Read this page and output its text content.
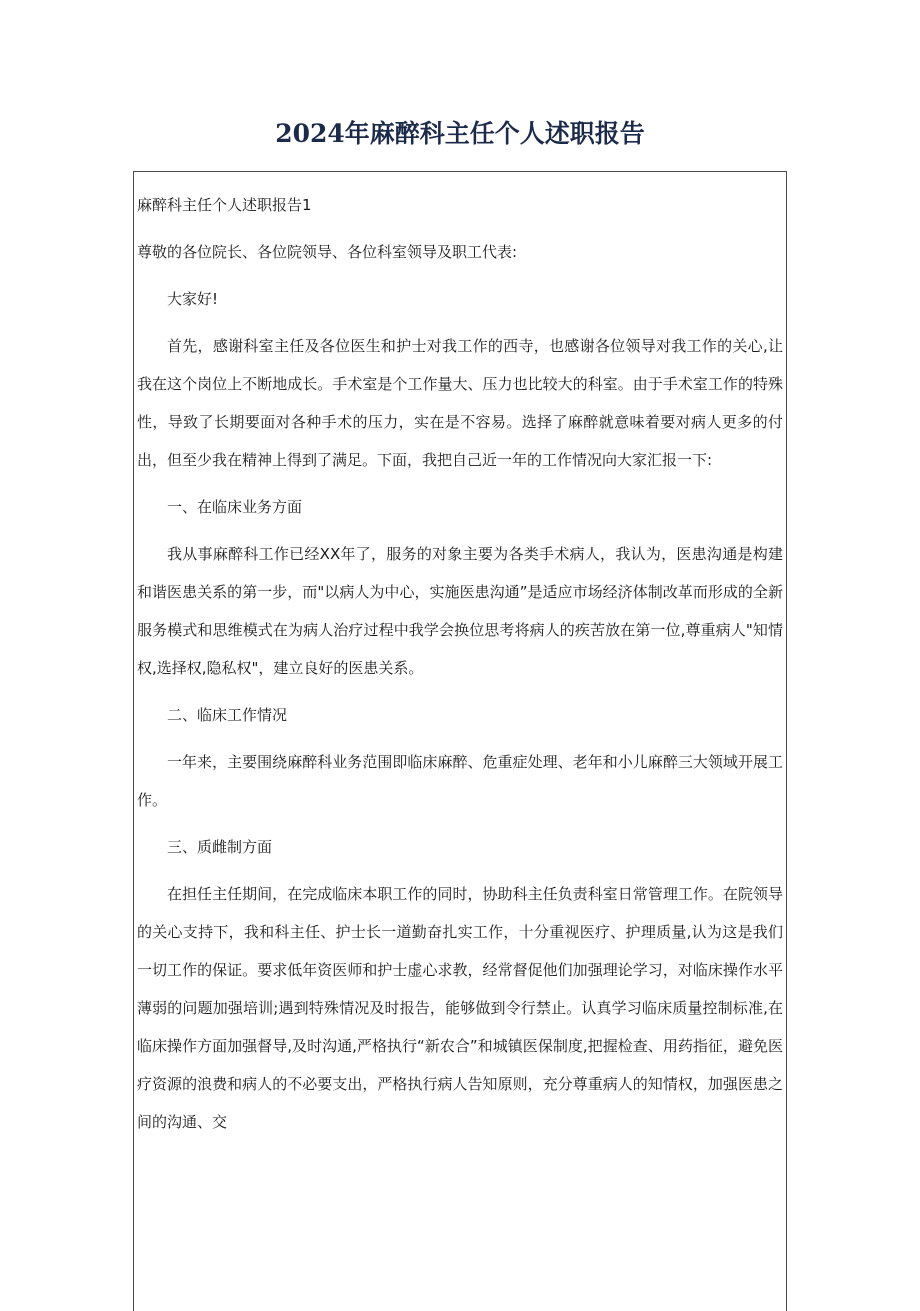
2024年麻醉科主任个人述职报告

麻醉科主任个人述职报告1

尊敬的各位院长、各位院领导、各位科室领导及职工代表:

大家好!

首先，感谢科室主任及各位医生和护士对我工作的西寺，也感谢各位领导对我工作的关心,让我在这个岗位上不断地成长。手术室是个工作量大、压力也比较大的科室。由于手术室工作的特殊性，导致了长期要面对各种手术的压力，实在是不容易。选择了麻醉就意味着要对病人更多的付出，但至少我在精神上得到了满足。下面，我把自己近一年的工作情况向大家汇报一下:

一、在临床业务方面

我从事麻醉科工作已经XX年了，服务的对象主要为各类手术病人，我认为，医患沟通是构建和谐医患关系的第一步，而"以病人为中心，实施医患沟通”是适应市场经济体制改革而形成的全新服务模式和思维模式在为病人治疗过程中我学会换位思考将病人的疾苦放在第一位,尊重病人"知情权,选择权,隐私权"，建立良好的医患关系。

二、临床工作情况

一年来，主要围绕麻醉科业务范围即临床麻醉、危重症处理、老年和小儿麻醉三大领域开展工作。

三、质雌制方面

在担任主任期间，在完成临床本职工作的同时，协助科主任负责科室日常管理工作。在院领导的关心支持下，我和科主任、护士长一道勤奋扎实工作，十分重视医疗、护理质量,认为这是我们一切工作的保证。要求低年资医师和护士虚心求教，经常督促他们加强理论学习，对临床操作水平薄弱的问题加强培训;遇到特殊情况及时报告，能够做到令行禁止。认真学习临床质量控制标准,在临床操作方面加强督导,及时沟通,严格执行“新农合”和城镇医保制度,把握检查、用药指征，避免医疗资源的浪费和病人的不必要支出，严格执行病人告知原则，充分尊重病人的知情权，加强医患之间的沟通、交
